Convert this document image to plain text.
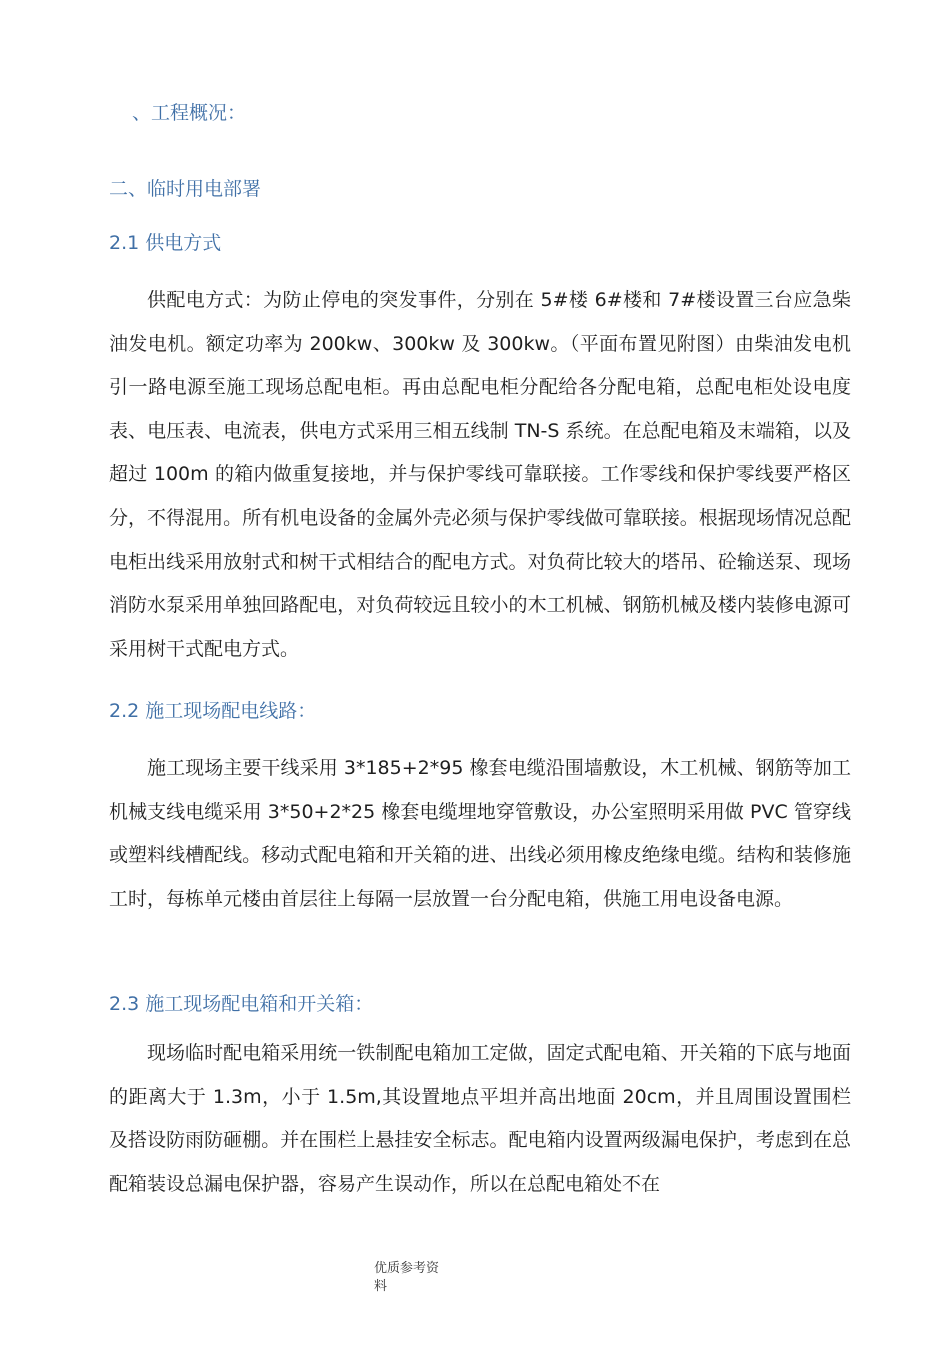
、工程概况：
二、临时用电部署
2.1 供电方式

供配电方式：为防止停电的突发事件，分别在 5#楼 6#楼和 7#楼设置三台应急柴油发电机。额定功率为 200kw、300kw 及 300kw。（平面布置见附图）由柴油发电机引一路电源至施工现场总配电柜。再由总配电柜分配给各分配电箱，总配电柜处设电度表、电压表、电流表，供电方式采用三相五线制 TN-S 系统。在总配电箱及末端箱，以及超过 100m 的箱内做重复接地，并与保护零线可靠联接。工作零线和保护零线要严格区分，不得混用。所有机电设备的金属外壳必须与保护零线做可靠联接。根据现场情况总配电柜出线采用放射式和树干式相结合的配电方式。对负荷比较大的塔吊、砼输送泵、现场消防水泵采用单独回路配电，对负荷较远且较小的木工机械、钢筋机械及楼内装修电源可采用树干式配电方式。

2.2 施工现场配电线路：

施工现场主要干线采用 3*185+2*95 橡套电缆沿围墙敷设，木工机械、钢筋等加工机械支线电缆采用 3*50+2*25 橡套电缆埋地穿管敷设，办公室照明采用做 PVC 管穿线或塑料线槽配线。移动式配电箱和开关箱的进、出线必须用橡皮绝缘电缆。结构和装修施工时，每栋单元楼由首层往上每隔一层放置一台分配电箱，供施工用电设备电源。

2.3 施工现场配电箱和开关箱：

现场临时配电箱采用统一铁制配电箱加工定做，固定式配电箱、开关箱的下底与地面的距离大于 1.3m，小于 1.5m,其设置地点平坦并高出地面 20cm，并且周围设置围栏及搭设防雨防砸棚。并在围栏上悬挂安全标志。配电箱内设置两级漏电保护，考虑到在总配箱装设总漏电保护器，容易产生误动作，所以在总配电箱处不在

优质参考资料
